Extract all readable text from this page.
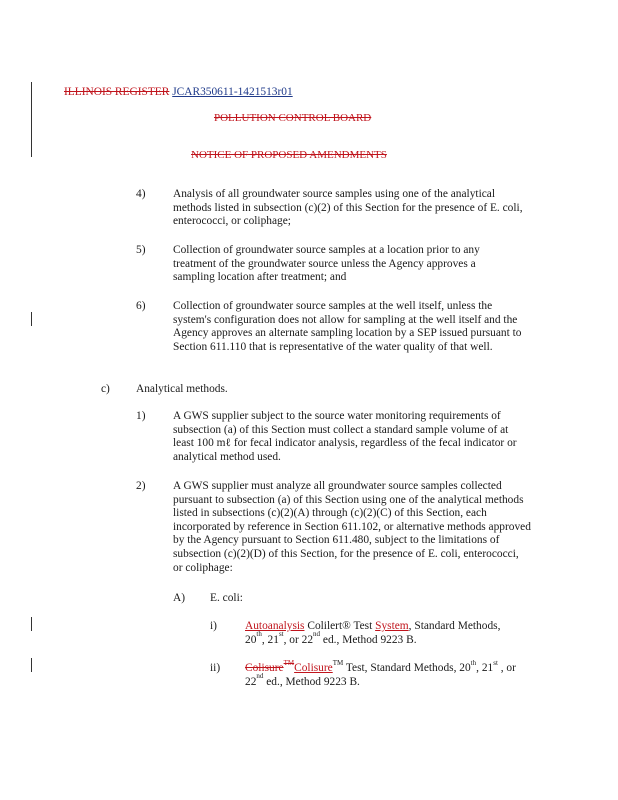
ILLINOIS REGISTER JCAR350611-1421513r01
POLLUTION CONTROL BOARD
NOTICE OF PROPOSED AMENDMENTS
4) Analysis of all groundwater source samples using one of the analytical methods listed in subsection (c)(2) of this Section for the presence of E. coli, enterococci, or coliphage;
5) Collection of groundwater source samples at a location prior to any treatment of the groundwater source unless the Agency approves a sampling location after treatment; and
6) Collection of groundwater source samples at the well itself, unless the system's configuration does not allow for sampling at the well itself and the Agency approves an alternate sampling location by a SEP issued pursuant to Section 611.110 that is representative of the water quality of that well.
c) Analytical methods.
1) A GWS supplier subject to the source water monitoring requirements of subsection (a) of this Section must collect a standard sample volume of at least 100 mℓ for fecal indicator analysis, regardless of the fecal indicator or analytical method used.
2) A GWS supplier must analyze all groundwater source samples collected pursuant to subsection (a) of this Section using one of the analytical methods listed in subsections (c)(2)(A) through (c)(2)(C) of this Section, each incorporated by reference in Section 611.102, or alternative methods approved by the Agency pursuant to Section 611.480, subject to the limitations of subsection (c)(2)(D) of this Section, for the presence of E. coli, enterococci, or coliphage:
A) E. coli:
i) Autoanalysis Colilert® Test System, Standard Methods,
20th, 21st, or 22nd ed., Method 9223 B.
ii) Colisure™Colisure™ Test, Standard Methods, 20th, 21st , or
22nd ed., Method 9223 B.
